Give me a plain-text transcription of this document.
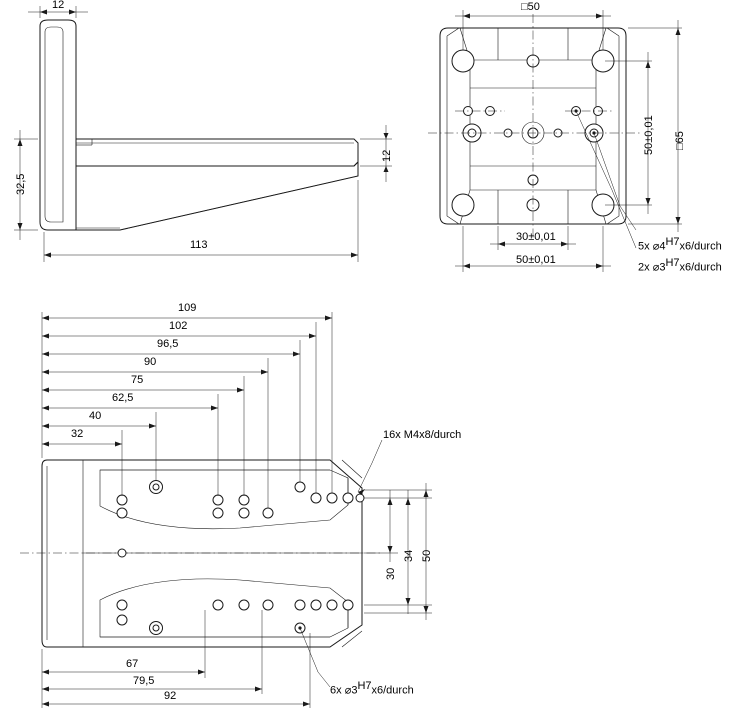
12
32,5
12
113
□50
50±0,01
□65
30±0,01
50±0,01
5x ⌀4H7x6/durch
2x ⌀3H7x6/durch
109
102
96,5
90
75
62,5
40
32
30
34 50
67
79,5
92
16x M4x8/durch
6x ⌀3H7x6/durch
